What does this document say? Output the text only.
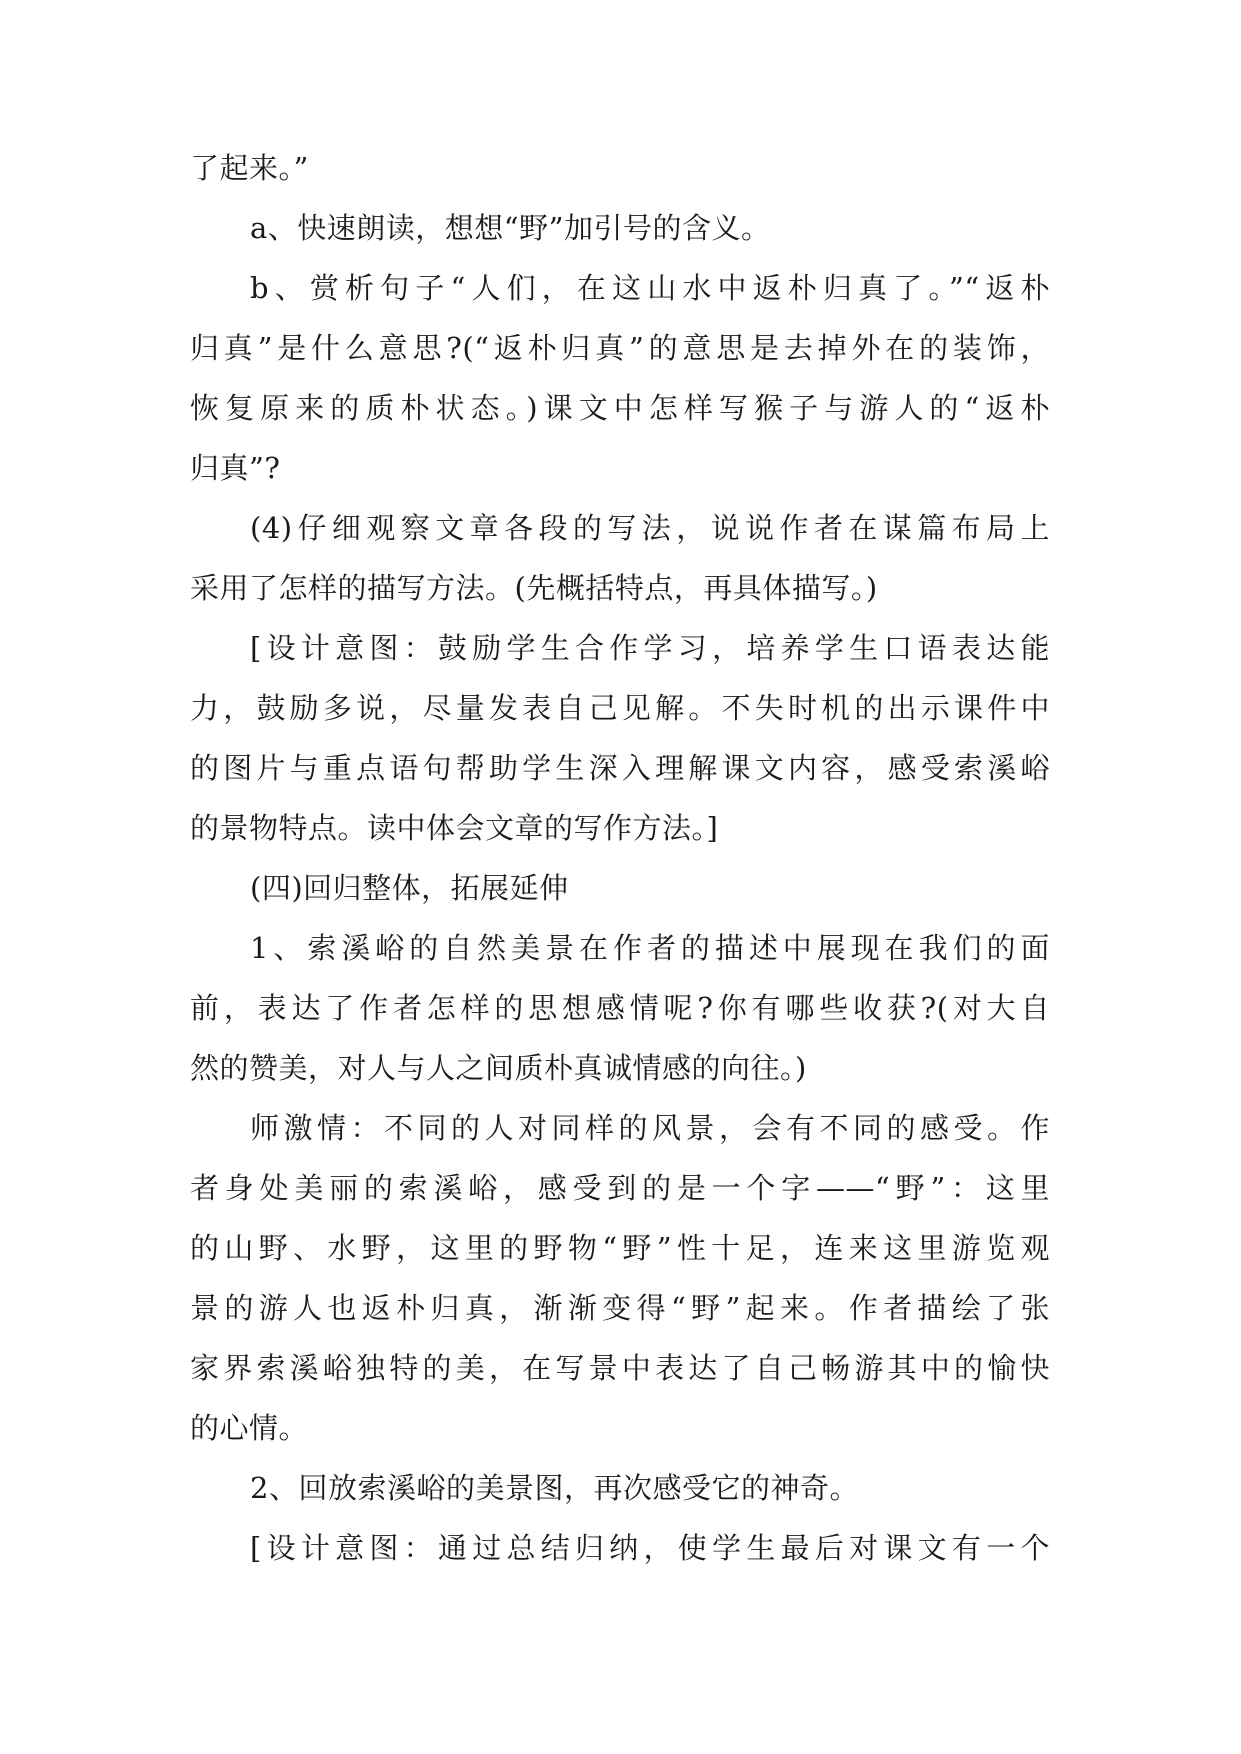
了起来。”
a、快速朗读，想想“野”加引号的含义。
b、赏析句子“人们，在这山水中返朴归真了。”“返朴
归真”是什么意思?(“返朴归真”的意思是去掉外在的装饰，
恢复原来的质朴状态。)课文中怎样写猴子与游人的“返朴
归真”?
(4)仔细观察文章各段的写法，说说作者在谋篇布局上
采用了怎样的描写方法。(先概括特点，再具体描写。)
[设计意图：鼓励学生合作学习，培养学生口语表达能
力，鼓励多说，尽量发表自己见解。不失时机的出示课件中
的图片与重点语句帮助学生深入理解课文内容，感受索溪峪
的景物特点。读中体会文章的写作方法。]
(四)回归整体，拓展延伸
1、索溪峪的自然美景在作者的描述中展现在我们的面
前，表达了作者怎样的思想感情呢?你有哪些收获?(对大自
然的赞美，对人与人之间质朴真诚情感的向往。)
师激情：不同的人对同样的风景，会有不同的感受。作
者身处美丽的索溪峪，感受到的是一个字——“野”：这里
的山野、水野，这里的野物“野”性十足，连来这里游览观
景的游人也返朴归真，渐渐变得“野”起来。作者描绘了张
家界索溪峪独特的美，在写景中表达了自己畅游其中的愉快
的心情。
2、回放索溪峪的美景图，再次感受它的神奇。
[设计意图：通过总结归纳，使学生最后对课文有一个
